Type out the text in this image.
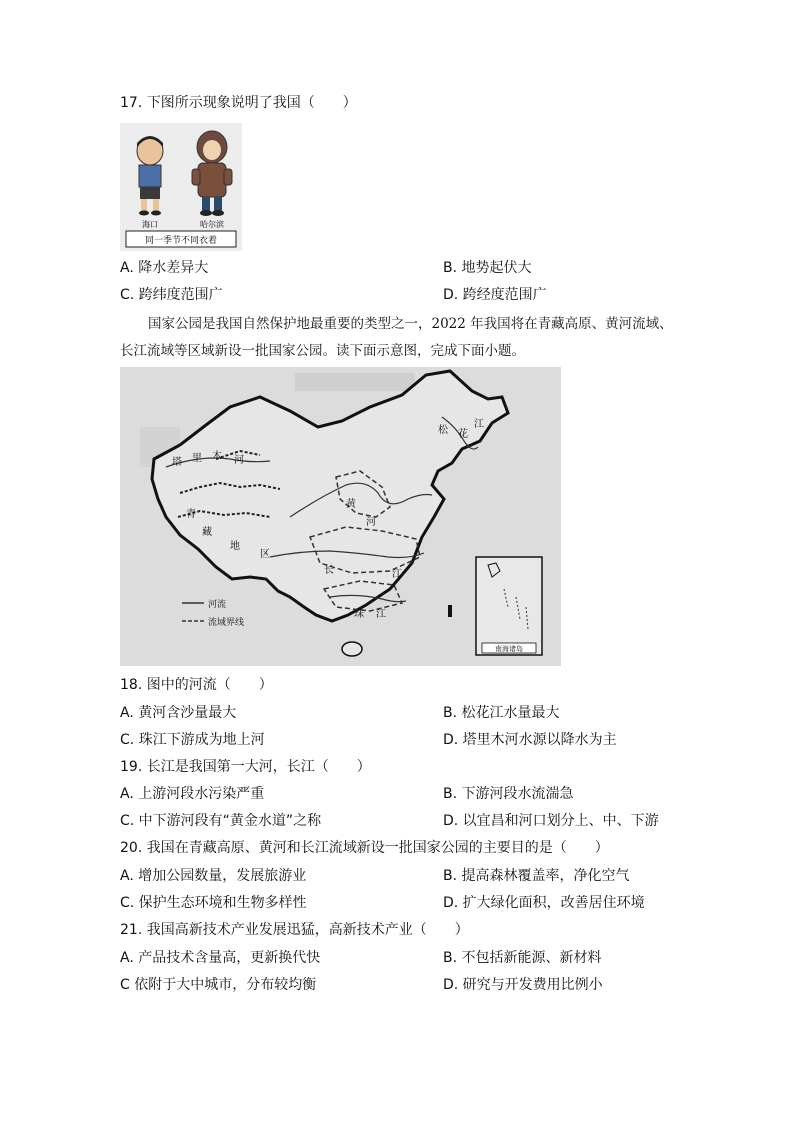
17. 下图所示现象说明了我国（　　）
海口	哈尔滨
同一季节不同衣着
A. 降水差异大	B. 地势起伏大
C. 跨纬度范围广	D. 跨经度范围广
国家公园是我国自然保护地最重要的类型之一，2022 年我国将在青藏高原、黄河流域、
长江流域等区域新设一批国家公园。读下面示意图，完成下面小题。
塔 里 木 河
青
藏
地
区
黄
河
长	江
珠 江
松 花
江
河流
流域界线
南海诸岛
18. 图中的河流（　　）
A. 黄河含沙量最大	B. 松花江水量最大
C. 珠江下游成为地上河	D. 塔里木河水源以降水为主
19. 长江是我国第一大河，长江（　　）
A. 上游河段水污染严重	B. 下游河段水流湍急
C. 中下游河段有“黄金水道”之称	D. 以宜昌和河口划分上、中、下游
20. 我国在青藏高原、黄河和长江流域新设一批国家公园的主要目的是（　　）
A. 增加公园数量，发展旅游业	B. 提高森林覆盖率，净化空气
C. 保护生态环境和生物多样性	D. 扩大绿化面积，改善居住环境
21. 我国高新技术产业发展迅猛，高新技术产业（　　）
A. 产品技术含量高，更新换代快	B. 不包括新能源、新材料
C 依附于大中城市，分布较均衡	D. 研究与开发费用比例小
